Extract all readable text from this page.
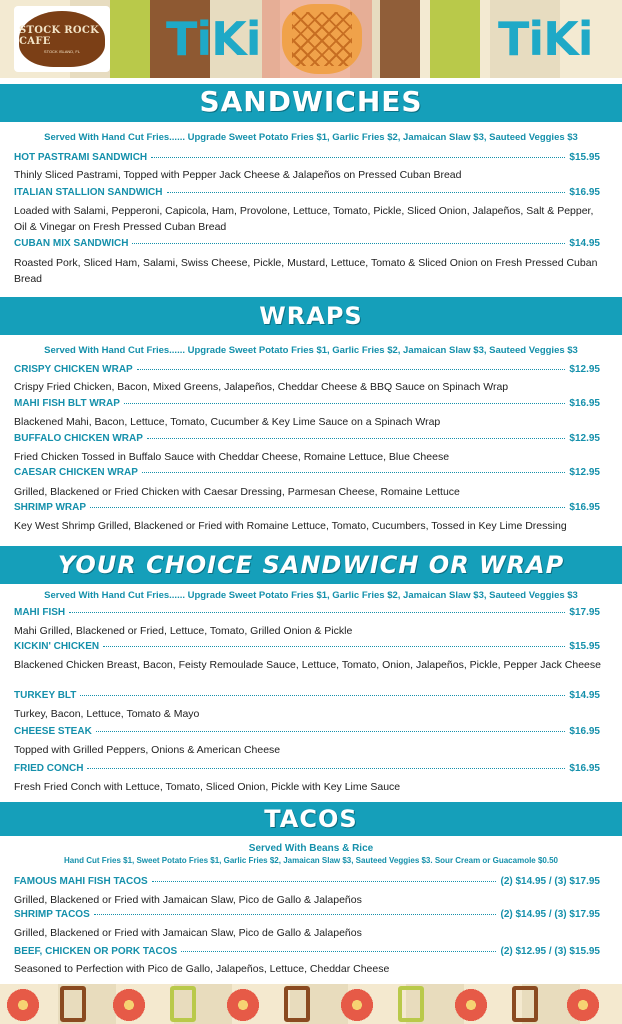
TiKi	TiKi
STOCK ROCK CAFE
STOCK ISLAND, FL
SANDWICHES
Served With Hand Cut Fries...... Upgrade Sweet Potato Fries $1, Garlic Fries $2, Jamaican Slaw $3, Sauteed Veggies $3
HOT PASTRAMI SANDWICH	$15.95
Thinly Sliced Pastrami, Topped with Pepper Jack Cheese & Jalapeños on Pressed Cuban Bread
ITALIAN STALLION SANDWICH	$16.95
Loaded with Salami, Pepperoni, Capicola, Ham, Provolone, Lettuce, Tomato, Pickle, Sliced Onion, Jalapeños, Salt & Pepper, Oil & Vinegar on Fresh Pressed Cuban Bread
CUBAN MIX SANDWICH	$14.95
Roasted Pork, Sliced Ham, Salami, Swiss Cheese, Pickle, Mustard, Lettuce, Tomato & Sliced Onion on Fresh Pressed Cuban Bread
WRAPS
Served With Hand Cut Fries...... Upgrade Sweet Potato Fries $1, Garlic Fries $2, Jamaican Slaw $3, Sauteed Veggies $3
CRISPY CHICKEN WRAP	$12.95
Crispy Fried Chicken, Bacon, Mixed Greens, Jalapeños, Cheddar Cheese & BBQ Sauce on Spinach Wrap
MAHI FISH BLT WRAP	$16.95
Blackened Mahi, Bacon, Lettuce, Tomato, Cucumber & Key Lime Sauce on a Spinach Wrap
BUFFALO CHICKEN WRAP	$12.95
Fried Chicken Tossed in Buffalo Sauce with Cheddar Cheese, Romaine Lettuce, Blue Cheese
CAESAR CHICKEN WRAP	$12.95
Grilled, Blackened or Fried Chicken with Caesar Dressing, Parmesan Cheese, Romaine Lettuce
SHRIMP WRAP	$16.95
Key West Shrimp Grilled, Blackened or Fried with Romaine Lettuce, Tomato, Cucumbers, Tossed in Key Lime Dressing
YOUR CHOICE SANDWICH OR WRAP
Served With Hand Cut Fries...... Upgrade Sweet Potato Fries $1, Garlic Fries $2, Jamaican Slaw $3, Sauteed Veggies $3
MAHI FISH	$17.95
Mahi Grilled, Blackened or Fried, Lettuce, Tomato, Grilled Onion & Pickle
KICKIN' CHICKEN	$15.95
Blackened Chicken Breast, Bacon, Feisty Remoulade Sauce, Lettuce, Tomato, Onion, Jalapeños, Pickle, Pepper Jack Cheese
TURKEY BLT	$14.95
Turkey, Bacon, Lettuce, Tomato & Mayo
CHEESE STEAK	$16.95
Topped with Grilled Peppers, Onions & American Cheese
FRIED CONCH	$16.95
Fresh Fried Conch with Lettuce, Tomato, Sliced Onion, Pickle with Key Lime Sauce
TACOS
Served With Beans & Rice
Hand Cut Fries $1, Sweet Potato Fries $1, Garlic Fries $2, Jamaican Slaw $3, Sauteed Veggies $3. Sour Cream or Guacamole $0.50
FAMOUS MAHI FISH TACOS	(2) $14.95 / (3) $17.95
Grilled, Blackened or Fried with Jamaican Slaw, Pico de Gallo & Jalapeños
SHRIMP TACOS	(2) $14.95 / (3) $17.95
Grilled, Blackened or Fried with Jamaican Slaw, Pico de Gallo & Jalapeños
BEEF, CHICKEN OR PORK TACOS	(2) $12.95 / (3) $15.95
Seasoned to Perfection with Pico de Gallo, Jalapeños, Lettuce, Cheddar Cheese
